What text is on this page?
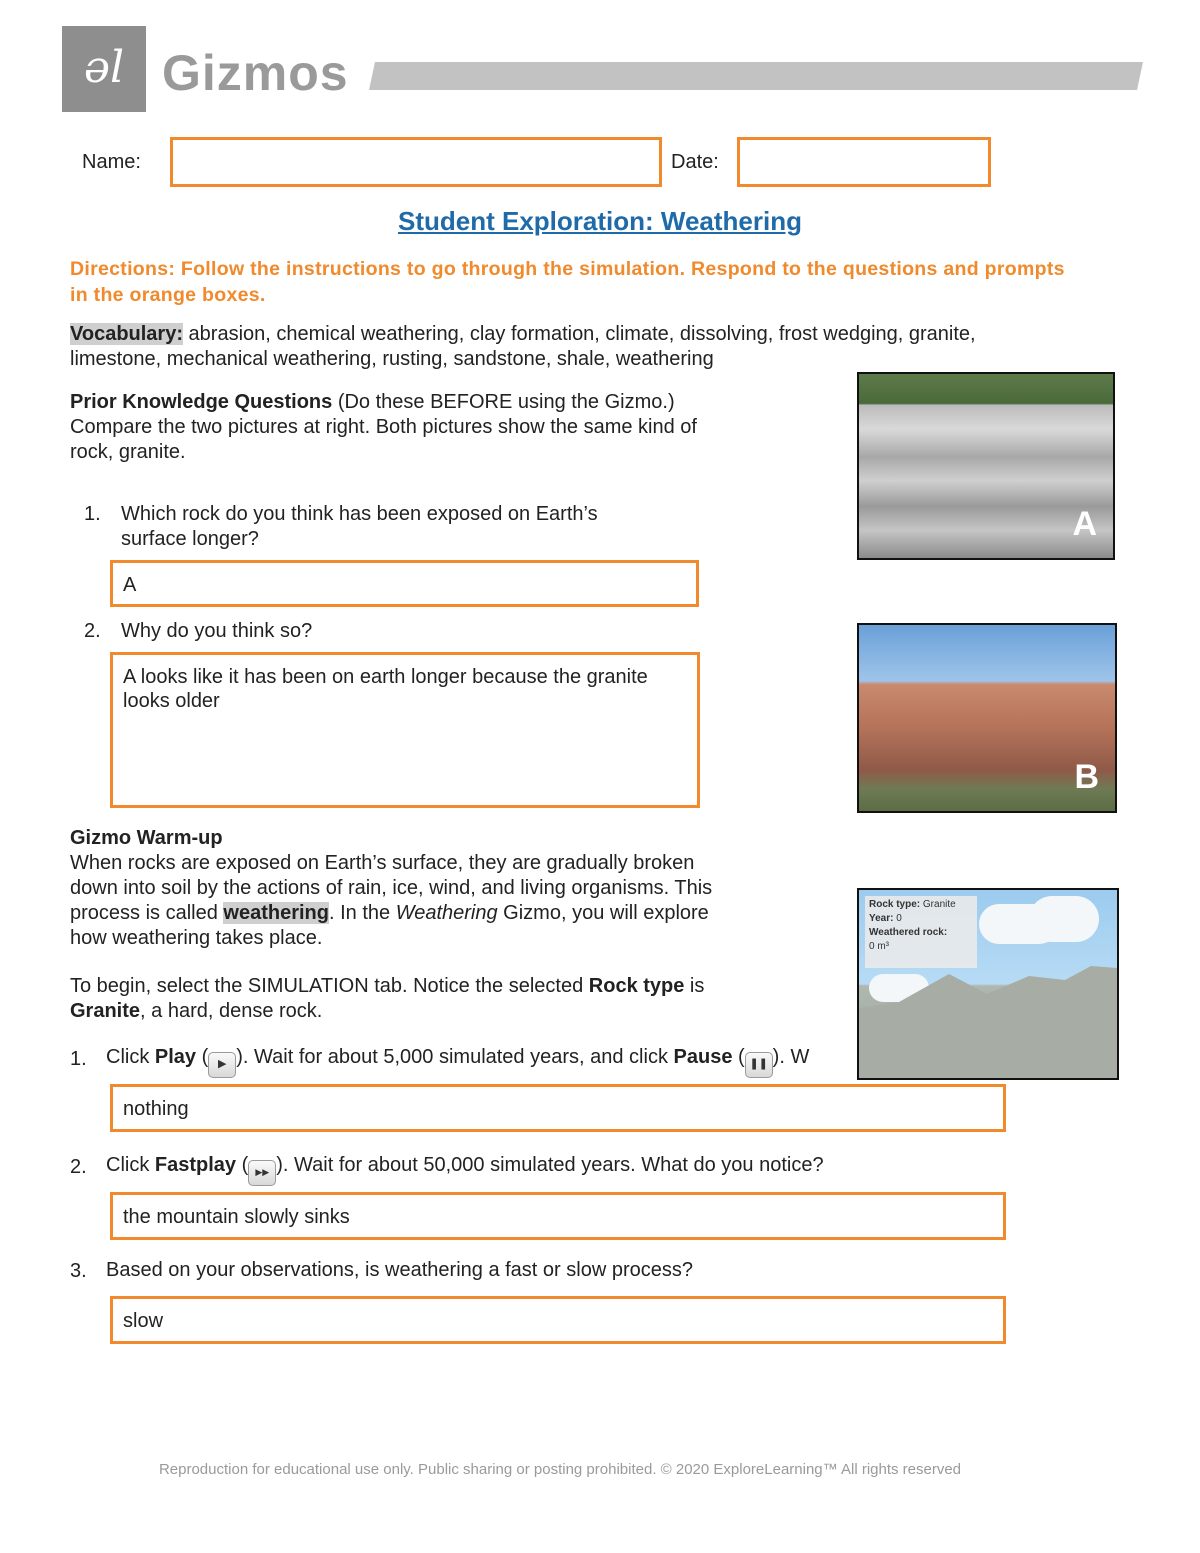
əl Gizmos
Name:	Date:
Student Exploration: Weathering
Directions: Follow the instructions to go through the simulation. Respond to the questions and prompts in the orange boxes.
Vocabulary: abrasion, chemical weathering, clay formation, climate, dissolving, frost wedging, granite,
limestone, mechanical weathering, rusting, sandstone, shale, weathering
Prior Knowledge Questions (Do these BEFORE using the Gizmo.)
Compare the two pictures at right. Both pictures show the same kind of
rock, granite.
1. Which rock do you think has been exposed on Earth’s
surface longer?
A
2. Why do you think so?
A looks like it has been on earth longer because the granite looks older
A
B
Rock type: Granite
Year: 0
Weathered rock:
0 m³
Gizmo Warm-up
When rocks are exposed on Earth’s surface, they are gradually broken
down into soil by the actions of rain, ice, wind, and living organisms. This
process is called weathering. In the Weathering Gizmo, you will explore
how weathering takes place.
To begin, select the SIMULATION tab. Notice the selected Rock type is
Granite, a hard, dense rock.
1. Click Play ( ▶ ). Wait for about 5,000 simulated years, and click Pause ( ❚❚ ). W
nothing
2. Click Fastplay ( ▶▶ ). Wait for about 50,000 simulated years. What do you notice?
the mountain slowly sinks
3. Based on your observations, is weathering a fast or slow process?
slow
Reproduction for educational use only. Public sharing or posting prohibited. © 2020 ExploreLearning™ All rights reserved
